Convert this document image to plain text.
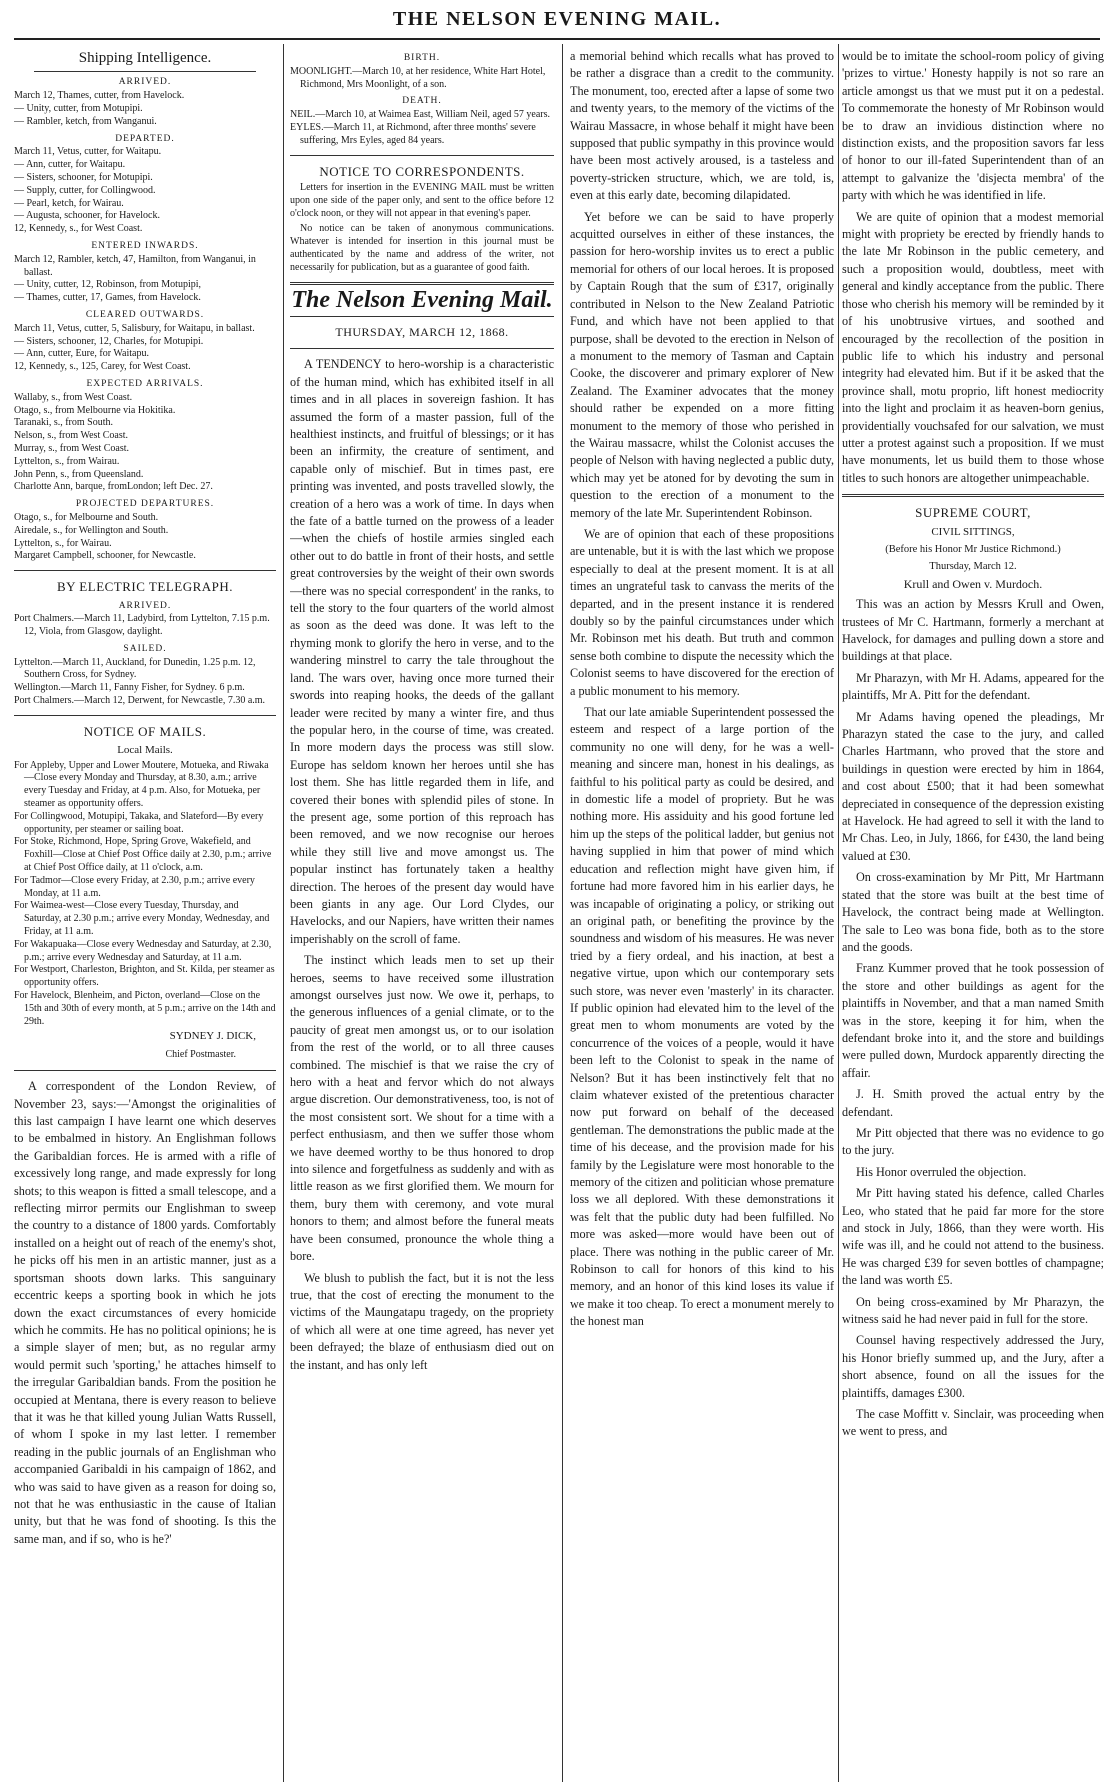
THE NELSON EVENING MAIL.
Shipping Intelligence.
ARRIVED.

March 12, Thames, cutter, from Havelock.

— Unity, cutter, from Motupipi.

— Rambler, ketch, from Wanganui.

DEPARTED.

March 11, Vetus, cutter, for Waitapu.

— Ann, cutter, for Waitapu.

— Sisters, schooner, for Motupipi.

— Supply, cutter, for Collingwood.

— Pearl, ketch, for Wairau.

— Augusta, schooner, for Havelock.

12, Kennedy, s., for West Coast.

ENTERED INWARDS.

March 12, Rambler, ketch, 47, Hamilton, from Wanganui, in ballast.

— Unity, cutter, 12, Robinson, from Motupipi,

— Thames, cutter, 17, Games, from Havelock.

CLEARED OUTWARDS.

March 11, Vetus, cutter, 5, Salisbury, for Waitapu, in ballast.

— Sisters, schooner, 12, Charles, for Motupipi.

— Ann, cutter, Eure, for Waitapu.

12, Kennedy, s., 125, Carey, for West Coast.

EXPECTED ARRIVALS.

Wallaby, s., from West Coast.

Otago, s., from Melbourne via Hokitika.

Taranaki, s., from South.

Nelson, s., from West Coast.

Murray, s., from West Coast.

Lyttelton, s., from Wairau.

John Penn, s., from Queensland.

Charlotte Ann, barque, fromLondon; left Dec. 27.

PROJECTED DEPARTURES.

Otago, s., for Melbourne and South.

Airedale, s., for Wellington and South.

Lyttelton, s., for Wairau.

Margaret Campbell, schooner, for Newcastle.

BY ELECTRIC TELEGRAPH.
ARRIVED.

Port Chalmers.—March 11, Ladybird, from Lyttelton, 7.15 p.m. 12, Viola, from Glasgow, daylight.

SAILED.

Lyttelton.—March 11, Auckland, for Dunedin, 1.25 p.m. 12, Southern Cross, for Sydney.

Wellington.—March 11, Fanny Fisher, for Sydney. 6 p.m.

Port Chalmers.—March 12, Derwent, for Newcastle, 7.30 a.m.

NOTICE OF MAILS.
Local Mails.

For Appleby, Upper and Lower Moutere, Motueka, and Riwaka—Close every Monday and Thursday, at 8.30, a.m.; arrive every Tuesday and Friday, at 4 p.m. Also, for Motueka, per steamer as opportunity offers.

For Collingwood, Motupipi, Takaka, and Slateford—By every opportunity, per steamer or sailing boat.

For Stoke, Richmond, Hope, Spring Grove, Wakefield, and Foxhill—Close at Chief Post Office daily at 2.30, p.m.; arrive at Chief Post Office daily, at 11 o'clock, a.m.

For Tadmor—Close every Friday, at 2.30, p.m.; arrive every Monday, at 11 a.m.

For Waimea-west—Close every Tuesday, Thursday, and Saturday, at 2.30 p.m.; arrive every Monday, Wednesday, and Friday, at 11 a.m.

For Wakapuaka—Close every Wednesday and Saturday, at 2.30, p.m.; arrive every Wednesday and Saturday, at 11 a.m.

For Westport, Charleston, Brighton, and St. Kilda, per steamer as opportunity offers.

For Havelock, Blenheim, and Picton, overland—Close on the 15th and 30th of every month, at 5 p.m.; arrive on the 14th and 29th.

SYDNEY J. DICK,

Chief Postmaster.

A correspondent of the London Review, of November 23, says:—'Amongst the originalities of this last campaign I have learnt one which deserves to be embalmed in history. An Englishman follows the Garibaldian forces. He is armed with a rifle of excessively long range, and made expressly for long shots; to this weapon is fitted a small telescope, and a reflecting mirror permits our Englishman to sweep the country to a distance of 1800 yards. Comfortably installed on a height out of reach of the enemy's shot, he picks off his men in an artistic manner, just as a sportsman shoots down larks. This sanguinary eccentric keeps a sporting book in which he jots down the exact circumstances of every homicide which he commits. He has no political opinions; he is a simple slayer of men; but, as no regular army would permit such 'sporting,' he attaches himself to the irregular Garibaldian bands. From the position he occupied at Mentana, there is every reason to believe that it was he that killed young Julian Watts Russell, of whom I spoke in my last letter. I remember reading in the public journals of an Englishman who accompanied Garibaldi in his campaign of 1862, and who was said to have given as a reason for doing so, not that he was enthusiastic in the cause of Italian unity, but that he was fond of shooting. Is this the same man, and if so, who is he?'

BIRTH.

MOONLIGHT.—March 10, at her residence, White Hart Hotel, Richmond, Mrs Moonlight, of a son.

DEATH.

NEIL.—March 10, at Waimea East, William Neil, aged 57 years.

EYLES.—March 11, at Richmond, after three months' severe suffering, Mrs Eyles, aged 84 years.

NOTICE TO CORRESPONDENTS.

Letters for insertion in the EVENING MAIL must be written upon one side of the paper only, and sent to the office before 12 o'clock noon, or they will not appear in that evening's paper.

No notice can be taken of anonymous communications. Whatever is intended for insertion in this journal must be authenticated by the name and address of the writer, not necessarily for publication, but as a guarantee of good faith.

The Nelson Evening Mail.
THURSDAY, MARCH 12, 1868.

A TENDENCY to hero-worship is a characteristic of the human mind, which has exhibited itself in all times and in all places in sovereign fashion. It has assumed the form of a master passion, full of the healthiest instincts, and fruitful of blessings; or it has been an infirmity, the creature of sentiment, and capable only of mischief. But in times past, ere printing was invented, and posts travelled slowly, the creation of a hero was a work of time. In days when the fate of a battle turned on the prowess of a leader—when the chiefs of hostile armies singled each other out to do battle in front of their hosts, and settle great controversies by the weight of their own swords—there was no special correspondent' in the ranks, to tell the story to the four quarters of the world almost as soon as the deed was done. It was left to the rhyming monk to glorify the hero in verse, and to the wandering minstrel to carry the tale throughout the land. The wars over, having once more turned their swords into reaping hooks, the deeds of the gallant leader were recited by many a winter fire, and thus the popular hero, in the course of time, was created. In more modern days the process was still slow. Europe has seldom known her heroes until she has lost them. She has little regarded them in life, and covered their bones with splendid piles of stone. In the present age, some portion of this reproach has been removed, and we now recognise our heroes while they still live and move amongst us. The popular instinct has fortunately taken a healthy direction. The heroes of the present day would have been giants in any age. Our Lord Clydes, our Havelocks, and our Napiers, have written their names imperishably on the scroll of fame.

The instinct which leads men to set up their heroes, seems to have received some illustration amongst ourselves just now. We owe it, perhaps, to the generous influences of a genial climate, or to the paucity of great men amongst us, or to our isolation from the rest of the world, or to all three causes combined. The mischief is that we raise the cry of hero with a heat and fervor which do not always argue discretion. Our demonstrativeness, too, is not of the most consistent sort. We shout for a time with a perfect enthusiasm, and then we suffer those whom we have deemed worthy to be thus honored to drop into silence and forgetfulness as suddenly and with as little reason as we first glorified them. We mourn for them, bury them with ceremony, and vote mural honors to them; and almost before the funeral meats have been consumed, pronounce the whole thing a bore.

We blush to publish the fact, but it is not the less true, that the cost of erecting the monument to the victims of the Maungatapu tragedy, on the propriety of which all were at one time agreed, has never yet been defrayed; the blaze of enthusiasm died out on the instant, and has only left

a memorial behind which recalls what has proved to be rather a disgrace than a credit to the community. The monument, too, erected after a lapse of some two and twenty years, to the memory of the victims of the Wairau Massacre, in whose behalf it might have been supposed that public sympathy in this province would have been most actively aroused, is a tasteless and poverty-stricken structure, which, we are told, is, even at this early date, becoming dilapidated.

Yet before we can be said to have properly acquitted ourselves in either of these instances, the passion for hero-worship invites us to erect a public memorial for others of our local heroes. It is proposed by Captain Rough that the sum of £317, originally contributed in Nelson to the New Zealand Patriotic Fund, and which have not been applied to that purpose, shall be devoted to the erection in Nelson of a monument to the memory of Tasman and Captain Cooke, the discoverer and primary explorer of New Zealand. The Examiner advocates that the money should rather be expended on a more fitting monument to the memory of those who perished in the Wairau massacre, whilst the Colonist accuses the people of Nelson with having neglected a public duty, which may yet be atoned for by devoting the sum in question to the erection of a monument to the memory of the late Mr. Superintendent Robinson.

We are of opinion that each of these propositions are untenable, but it is with the last which we propose especially to deal at the present moment. It is at all times an ungrateful task to canvass the merits of the departed, and in the present instance it is rendered doubly so by the painful circumstances under which Mr. Robinson met his death. But truth and common sense both combine to dispute the necessity which the Colonist seems to have discovered for the erection of a public monument to his memory.

That our late amiable Superintendent possessed the esteem and respect of a large portion of the community no one will deny, for he was a well-meaning and sincere man, honest in his dealings, as faithful to his political party as could be desired, and in domestic life a model of propriety. But he was nothing more. His assiduity and his good fortune led him up the steps of the political ladder, but genius not having supplied in him that power of mind which education and reflection might have given him, if fortune had more favored him in his earlier days, he was incapable of originating a policy, or striking out an original path, or benefiting the province by the soundness and wisdom of his measures. He was never tried by a fiery ordeal, and his inaction, at best a negative virtue, upon which our contemporary sets such store, was never even 'masterly' in its character. If public opinion had elevated him to the level of the great men to whom monuments are voted by the concurrence of the voices of a people, would it have been left to the Colonist to speak in the name of Nelson? But it has been instinctively felt that no claim whatever existed of the pretentious character now put forward on behalf of the deceased gentleman. The demonstrations the public made at the time of his decease, and the provision made for his family by the Legislature were most honorable to the memory of the citizen and politician whose premature loss we all deplored. With these demonstrations it was felt that the public duty had been fulfilled. No more was asked—more would have been out of place. There was nothing in the public career of Mr. Robinson to call for honors of this kind to his memory, and an honor of this kind loses its value if we make it too cheap. To erect a monument merely to the honest man

would be to imitate the school-room policy of giving 'prizes to virtue.' Honesty happily is not so rare an article amongst us that we must put it on a pedestal. To commemorate the honesty of Mr Robinson would be to draw an invidious distinction where no distinction exists, and the proposition savors far less of honor to our ill-fated Superintendent than of an attempt to galvanize the 'disjecta membra' of the party with which he was identified in life.

We are quite of opinion that a modest memorial might with propriety be erected by friendly hands to the late Mr Robinson in the public cemetery, and such a proposition would, doubtless, meet with general and kindly acceptance from the public. There those who cherish his memory will be reminded by it of his unobtrusive virtues, and soothed and encouraged by the recollection of the position in public life to which his industry and personal integrity had elevated him. But if it be asked that the province shall, motu proprio, lift honest mediocrity into the light and proclaim it as heaven-born genius, providentially vouchsafed for our salvation, we must utter a protest against such a proposition. If we must have monuments, let us build them to those whose titles to such honors are altogether unimpeachable.

SUPREME COURT,
CIVIL SITTINGS,
(Before his Honor Mr Justice Richmond.)
Thursday, March 12.
Krull and Owen v. Murdoch.

This was an action by Messrs Krull and Owen, trustees of Mr C. Hartmann, formerly a merchant at Havelock, for damages and pulling down a store and buildings at that place.

Mr Pharazyn, with Mr H. Adams, appeared for the plaintiffs, Mr A. Pitt for the defendant.

Mr Adams having opened the pleadings, Mr Pharazyn stated the case to the jury, and called Charles Hartmann, who proved that the store and buildings in question were erected by him in 1864, and cost about £500; that it had been somewhat depreciated in consequence of the depression existing at Havelock. He had agreed to sell it with the land to Mr Chas. Leo, in July, 1866, for £430, the land being valued at £30.

On cross-examination by Mr Pitt, Mr Hartmann stated that the store was built at the best time of Havelock, the contract being made at Wellington. The sale to Leo was bona fide, both as to the store and the goods.

Franz Kummer proved that he took possession of the store and other buildings as agent for the plaintiffs in November, and that a man named Smith was in the store, keeping it for him, when the defendant broke into it, and the store and buildings were pulled down, Murdock apparently directing the affair.

J. H. Smith proved the actual entry by the defendant.

Mr Pitt objected that there was no evidence to go to the jury.

His Honor overruled the objection.

Mr Pitt having stated his defence, called Charles Leo, who stated that he paid far more for the store and stock in July, 1866, than they were worth. His wife was ill, and he could not attend to the business. He was charged £39 for seven bottles of champagne; the land was worth £5.

On being cross-examined by Mr Pharazyn, the witness said he had never paid in full for the store.

Counsel having respectively addressed the Jury, his Honor briefly summed up, and the Jury, after a short absence, found on all the issues for the plaintiffs, damages £300.

The case Moffitt v. Sinclair, was proceeding when we went to press, and
